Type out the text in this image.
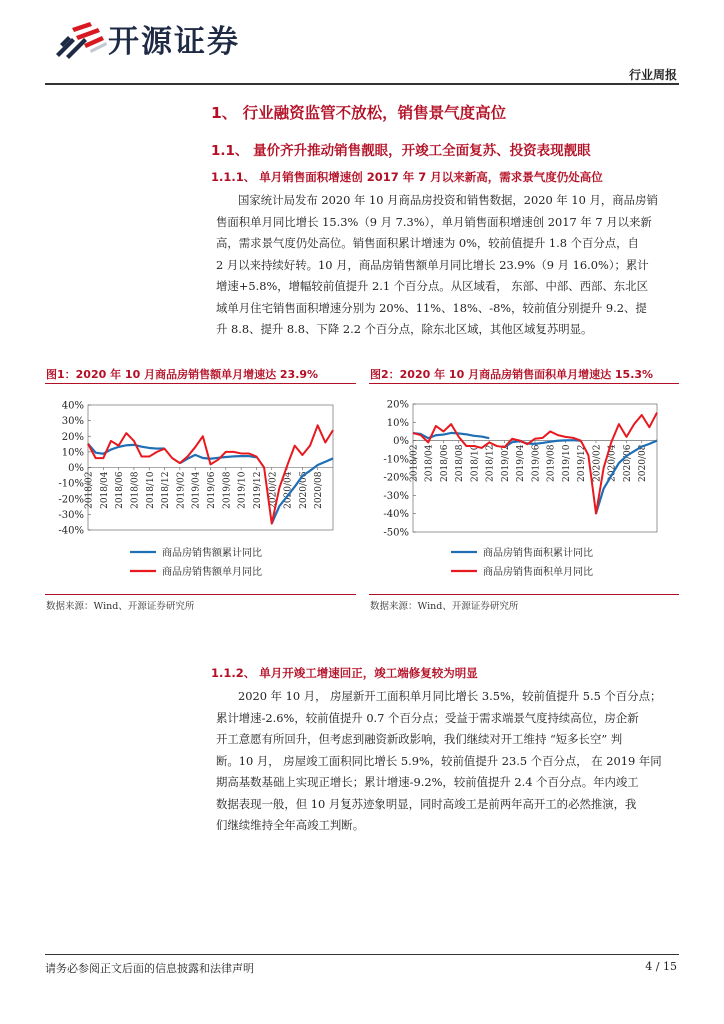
开源证券
行业周报
1、 行业融资监管不放松，销售景气度高位
1.1、 量价齐升推动销售靓眼，开竣工全面复苏、投资表现靓眼
1.1.1、 单月销售面积增速创 2017 年 7 月以来新高，需求景气度仍处高位
国家统计局发布 2020 年 10 月商品房投资和销售数据，2020 年 10 月，商品房销
售面积单月同比增长 15.3%（9 月 7.3%），单月销售面积增速创 2017 年 7 月以来新
高，需求景气度仍处高位。销售面积累计增速为 0%，较前值提升 1.8 个百分点，自
2 月以来持续好转。10 月，商品房销售额单月同比增长 23.9%（9 月 16.0%）；累计
增速+5.8%，增幅较前值提升 2.1 个百分点。从区域看， 东部、中部、西部、东北区
域单月住宅销售面积增速分别为 20%、11%、18%、-8%，较前值分别提升 9.2、提
升 8.8、提升 8.8、下降 2.2 个百分点，除东北区域，其他区域复苏明显。
图1：2020 年 10 月商品房销售额单月增速达 23.9%
40%
30%
20%
10%
0%
-10%
-20%
-30%
-40%
2018/02 2018/04 2018/06 2018/08 2018/10 2018/12 2019/02 2019/04 2019/06 2019/08 2019/10 2019/12 2020/02 2020/04 2020/06 2020/08
商品房销售额累计同比
商品房销售额单月同比
数据来源：Wind、开源证券研究所
图2：2020 年 10 月商品房销售面积单月增速达 15.3%
20%
10%
0%
-10%
-20%
-30%
-40%
-50%
2018/02 2018/04 2018/06 2018/08 2018/10 2018/12 2019/02 2019/04 2019/06 2019/08 2019/10 2019/12 2020/02 2020/04 2020/06 2020/08
商品房销售面积累计同比
商品房销售面积单月同比
数据来源：Wind、开源证券研究所
1.1.2、 单月开竣工增速回正，竣工端修复较为明显
2020 年 10 月， 房屋新开工面积单月同比增长 3.5%，较前值提升 5.5 个百分点；
累计增速-2.6%，较前值提升 0.7 个百分点；受益于需求端景气度持续高位，房企新
开工意愿有所回升，但考虑到融资新政影响，我们继续对开工维持 “短多长空” 判
断。10 月， 房屋竣工面积同比增长 5.9%，较前值提升 23.5 个百分点， 在 2019 年同
期高基数基础上实现正增长；累计增速-9.2%，较前值提升 2.4 个百分点。年内竣工
数据表现一般，但 10 月复苏迹象明显，同时高竣工是前两年高开工的必然推演，我
们继续维持全年高竣工判断。
请务必参阅正文后面的信息披露和法律声明	4 / 15
